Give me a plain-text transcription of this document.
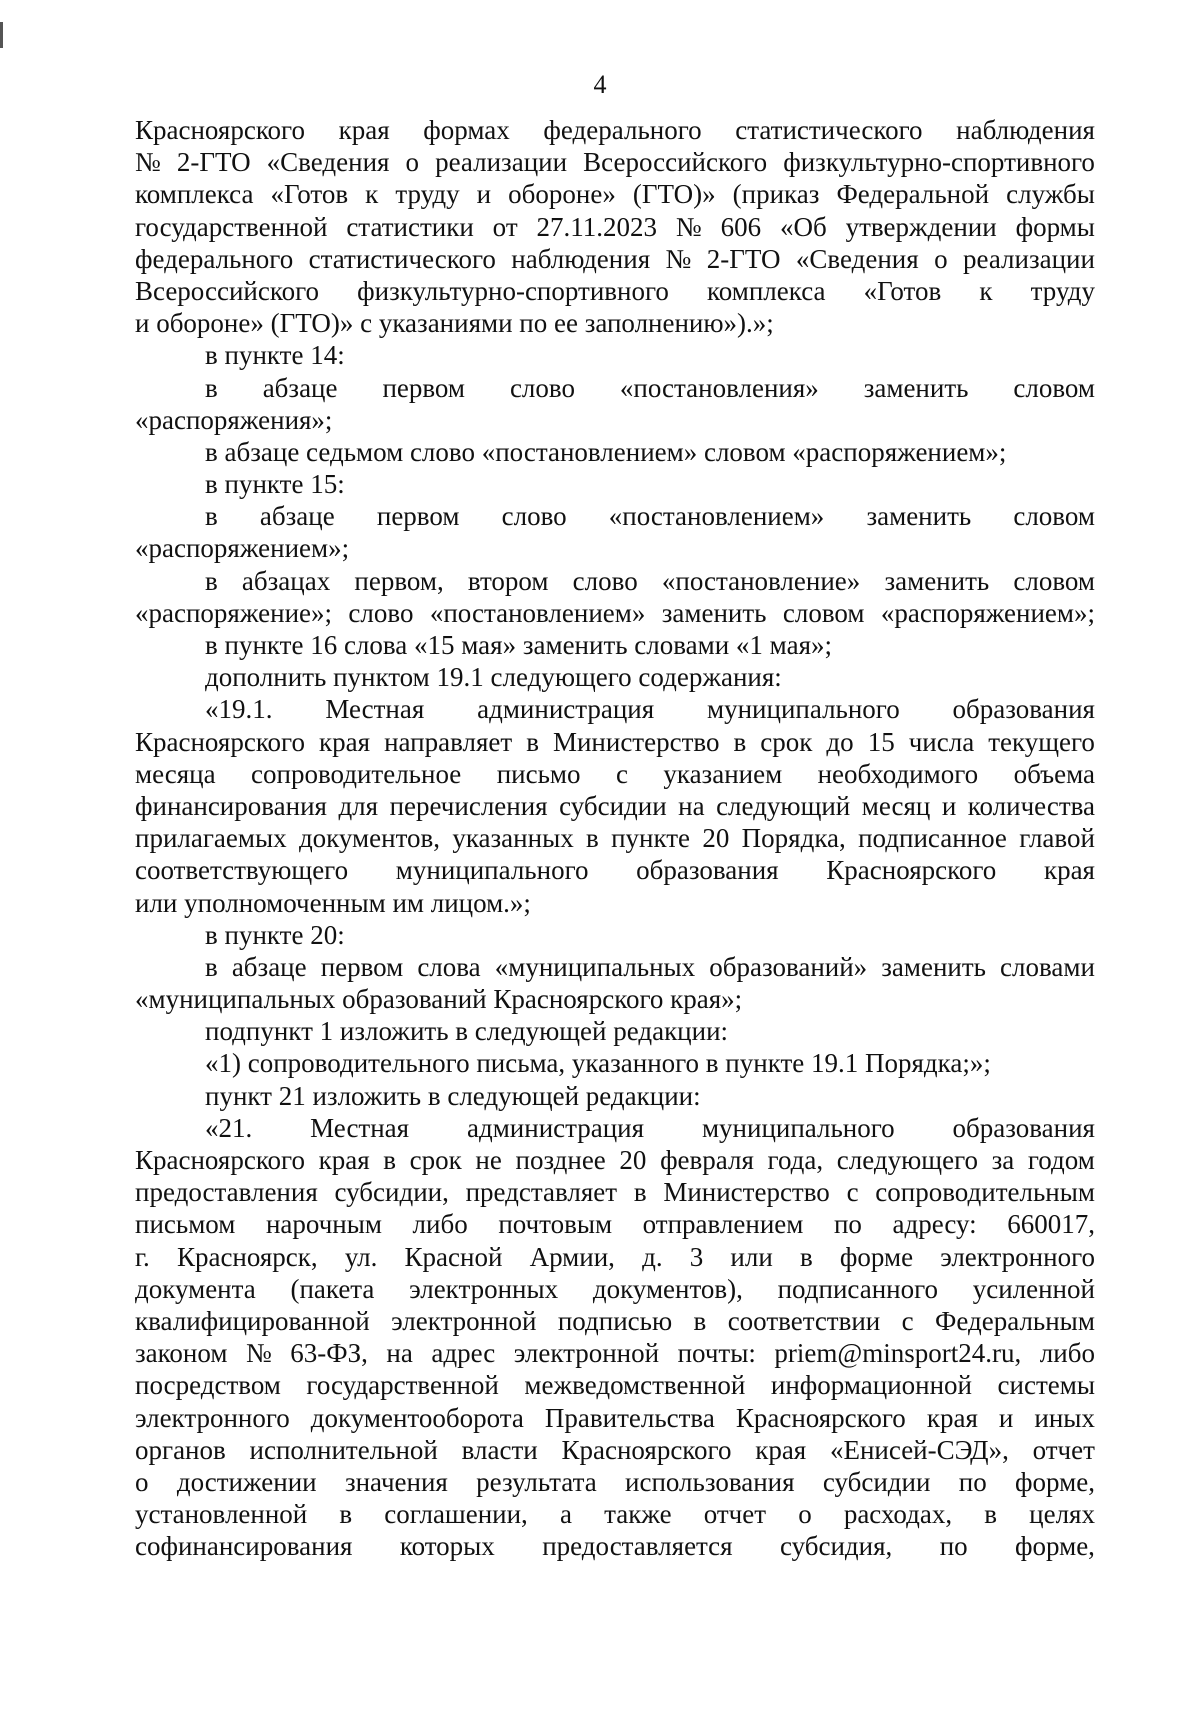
4
Красноярского края формах федерального статистического наблюдения
№ 2-ГТО «Сведения о реализации Всероссийского физкультурно-спортивного
комплекса «Готов к труду и обороне» (ГТО)» (приказ Федеральной службы
государственной статистики от 27.11.2023 № 606 «Об утверждении формы
федерального статистического наблюдения № 2-ГТО «Сведения о реализации
Всероссийского физкультурно-спортивного комплекса «Готов к труду
и обороне» (ГТО)» с указаниями по ее заполнению»).»;
в пункте 14:
в абзаце первом слово «постановления» заменить словом
«распоряжения»;
в абзаце седьмом слово «постановлением» словом «распоряжением»;
в пункте 15:
в абзаце первом слово «постановлением» заменить словом
«распоряжением»;
в абзацах первом, втором слово «постановление» заменить словом
«распоряжение»; слово «постановлением» заменить словом «распоряжением»;
в пункте 16 слова «15 мая» заменить словами «1 мая»;
дополнить пунктом 19.1 следующего содержания:
«19.1. Местная администрация муниципального образования
Красноярского края направляет в Министерство в срок до 15 числа текущего
месяца сопроводительное письмо с указанием необходимого объема
финансирования для перечисления субсидии на следующий месяц и количества
прилагаемых документов, указанных в пункте 20 Порядка, подписанное главой
соответствующего муниципального образования Красноярского края
или уполномоченным им лицом.»;
в пункте 20:
в абзаце первом слова «муниципальных образований» заменить словами
«муниципальных образований Красноярского края»;
подпункт 1 изложить в следующей редакции:
«1) сопроводительного письма, указанного в пункте 19.1 Порядка;»;
пункт 21 изложить в следующей редакции:
«21. Местная администрация муниципального образования
Красноярского края в срок не позднее 20 февраля года, следующего за годом
предоставления субсидии, представляет в Министерство с сопроводительным
письмом нарочным либо почтовым отправлением по адресу: 660017,
г. Красноярск, ул. Красной Армии, д. 3 или в форме электронного
документа (пакета электронных документов), подписанного усиленной
квалифицированной электронной подписью в соответствии с Федеральным
законом № 63-ФЗ, на адрес электронной почты: priem@minsport24.ru, либо
посредством государственной межведомственной информационной системы
электронного документооборота Правительства Красноярского края и иных
органов исполнительной власти Красноярского края «Енисей-СЭД», отчет
о достижении значения результата использования субсидии по форме,
установленной в соглашении, а также отчет о расходах, в целях
софинансирования которых предоставляется субсидия, по форме,
